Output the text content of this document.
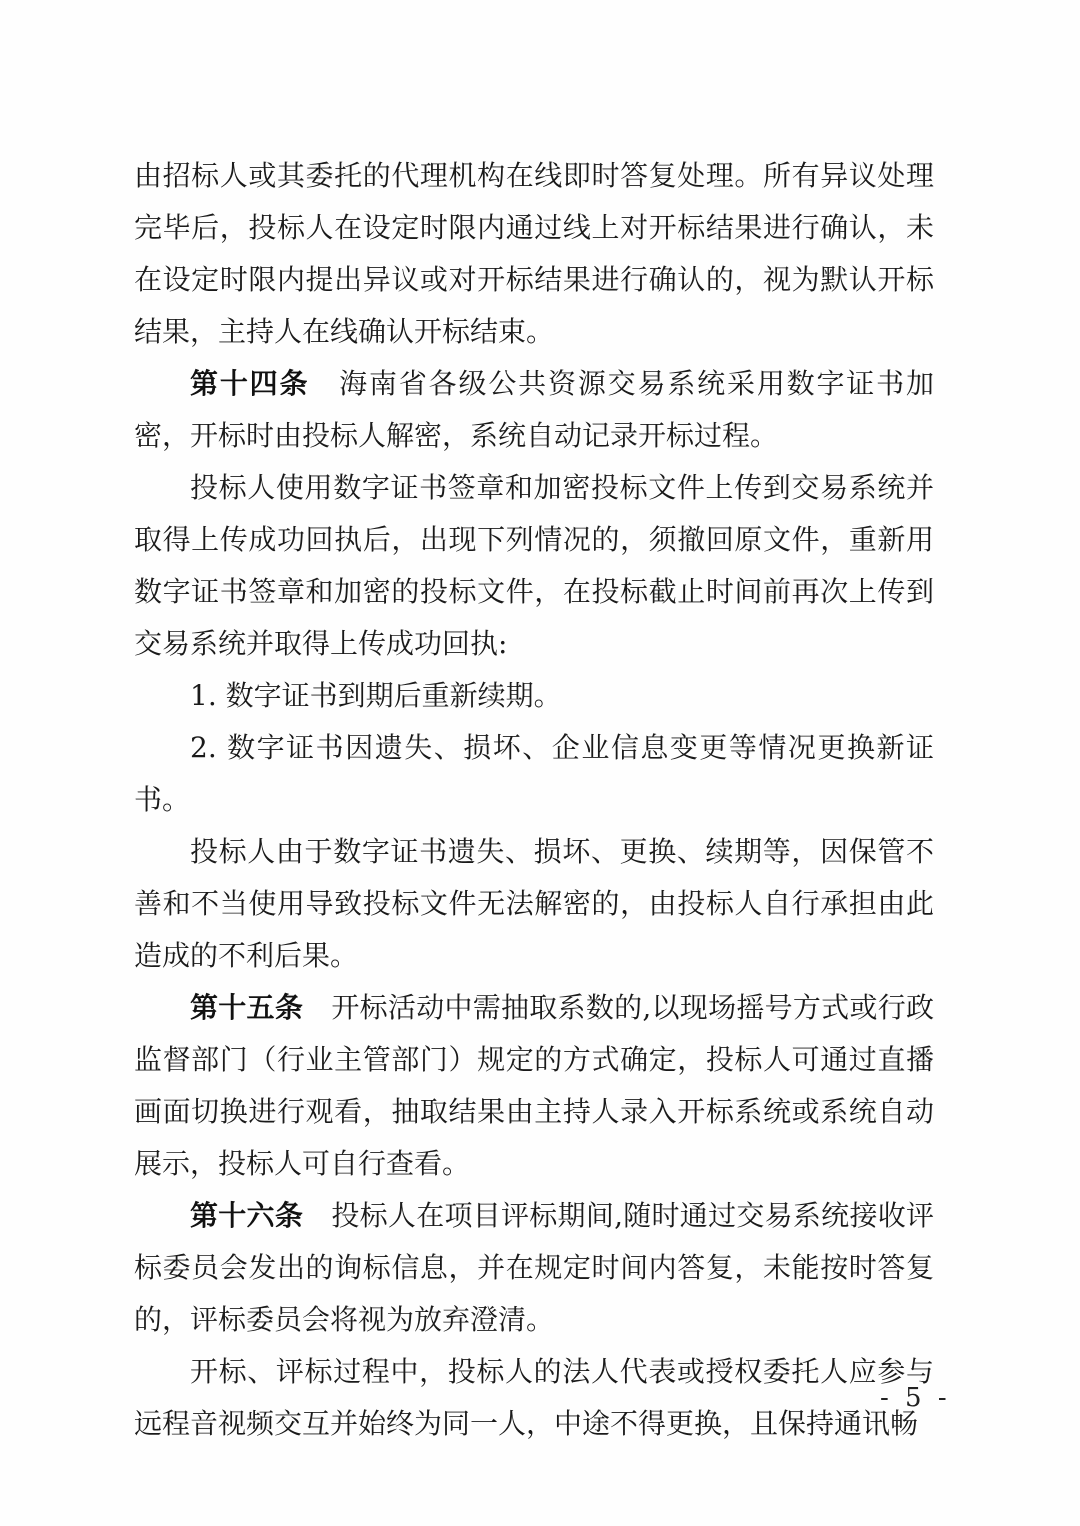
由招标人或其委托的代理机构在线即时答复处理。所有异议处理完毕后，投标人在设定时限内通过线上对开标结果进行确认，未在设定时限内提出异议或对开标结果进行确认的，视为默认开标结果，主持人在线确认开标结束。

第十四条　 海南省各级公共资源交易系统采用数字证书加密，开标时由投标人解密，系统自动记录开标过程。

投标人使用数字证书签章和加密投标文件上传到交易系统并取得上传成功回执后，出现下列情况的，须撤回原文件，重新用数字证书签章和加密的投标文件，在投标截止时间前再次上传到交易系统并取得上传成功回执:

1. 数字证书到期后重新续期。

2. 数字证书因遗失、损坏、企业信息变更等情况更换新证书。

投标人由于数字证书遗失、损坏、更换、续期等，因保管不善和不当使用导致投标文件无法解密的，由投标人自行承担由此造成的不利后果。

第十五条　 开标活动中需抽取系数的,以现场摇号方式或行政监督部门（行业主管部门）规定的方式确定，投标人可通过直播画面切换进行观看，抽取结果由主持人录入开标系统或系统自动展示，投标人可自行查看。

第十六条　 投标人在项目评标期间,随时通过交易系统接收评标委员会发出的询标信息，并在规定时间内答复，未能按时答复的，评标委员会将视为放弃澄清。

开标、评标过程中，投标人的法人代表或授权委托人应参与远程音视频交互并始终为同一人，中途不得更换，且保持通讯畅

- 5 -
